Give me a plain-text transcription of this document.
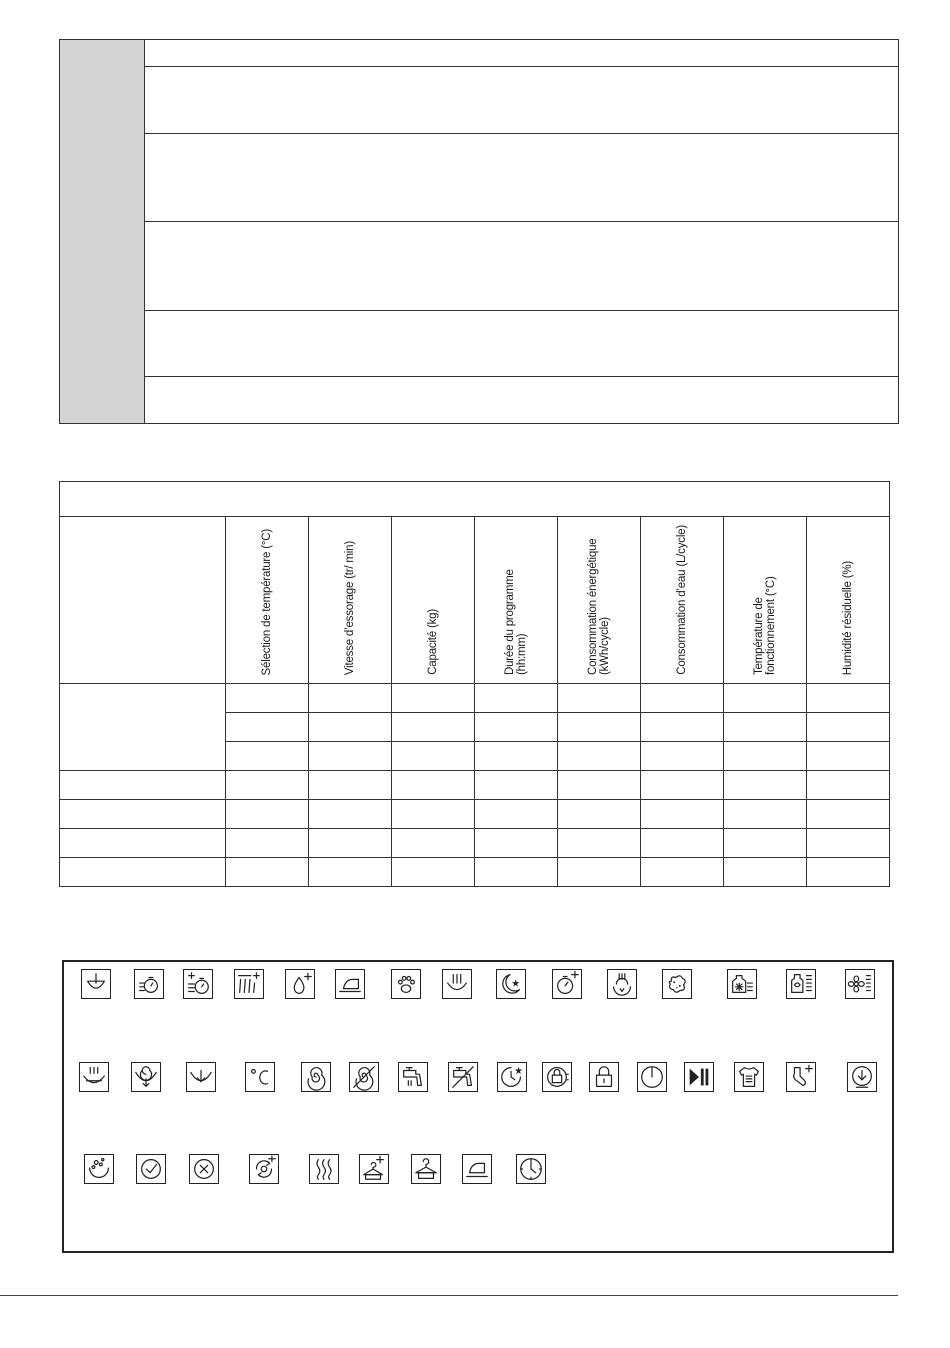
	Sélection de température (°C)	Vitesse d’essorage (tr/ min)	Capacité (kg)	Durée du programme (hh:mm)	Consommation énergétique (kWh/cycle)	Consommation d’eau (L/cycle)	Température de fonctionnement (°C)	Humidité résiduelle (%)
